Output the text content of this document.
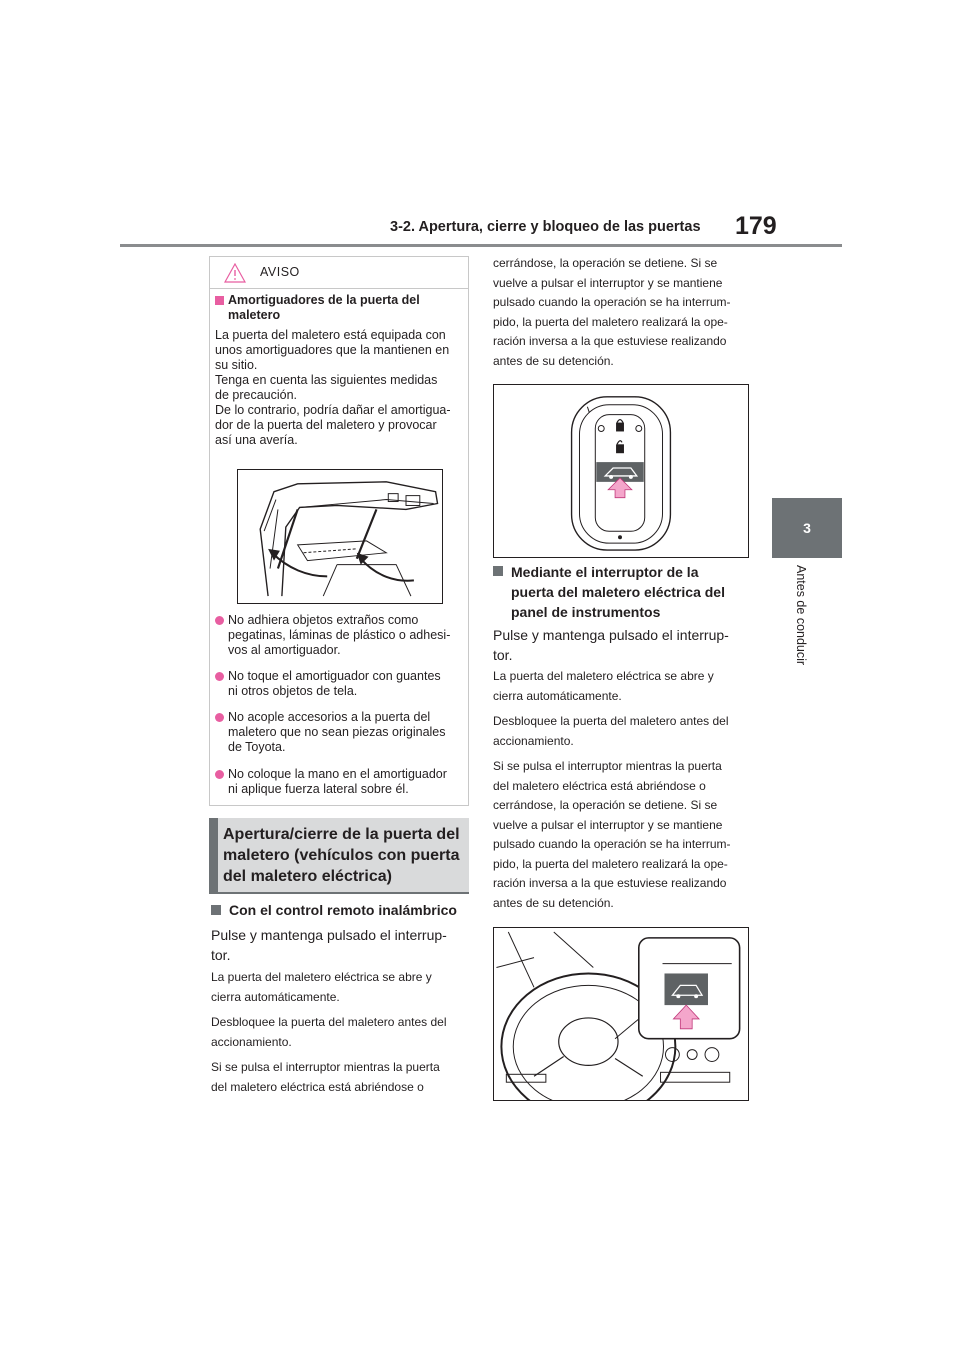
3-2. Apertura, cierre y bloqueo de las puertas 179
3
Antes de conducir
AVISO
Amortiguadores de la puerta del maletero
La puerta del maletero está equipada con
unos amortiguadores que la mantienen en
su sitio.
Tenga en cuenta las siguientes medidas
de precaución.
De lo contrario, podría dañar el amortigua-
dor de la puerta del maletero y provocar
así una avería.
No adhiera objetos extraños como
pegatinas, láminas de plástico o adhesi-
vos al amortiguador.
No toque el amortiguador con guantes
ni otros objetos de tela.
No acople accesorios a la puerta del
maletero que no sean piezas originales
de Toyota.
No coloque la mano en el amortiguador
ni aplique fuerza lateral sobre él.
Apertura/cierre de la puerta del
maletero (vehículos con puerta
del maletero eléctrica)
Con el control remoto inalámbrico
Pulse y mantenga pulsado el interrup-
tor.
La puerta del maletero eléctrica se abre y
cierra automáticamente.
Desbloquee la puerta del maletero antes del
accionamiento.
Si se pulsa el interruptor mientras la puerta
del maletero eléctrica está abriéndose o
cerrándose, la operación se detiene. Si se
vuelve a pulsar el interruptor y se mantiene
pulsado cuando la operación se ha interrum-
pido, la puerta del maletero realizará la ope-
ración inversa a la que estuviese realizando
antes de su detención.
Mediante el interruptor de la
puerta del maletero eléctrica del
panel de instrumentos
Pulse y mantenga pulsado el interrup-
tor.
La puerta del maletero eléctrica se abre y
cierra automáticamente.
Desbloquee la puerta del maletero antes del
accionamiento.
Si se pulsa el interruptor mientras la puerta
del maletero eléctrica está abriéndose o
cerrándose, la operación se detiene. Si se
vuelve a pulsar el interruptor y se mantiene
pulsado cuando la operación se ha interrum-
pido, la puerta del maletero realizará la ope-
ración inversa a la que estuviese realizando
antes de su detención.
